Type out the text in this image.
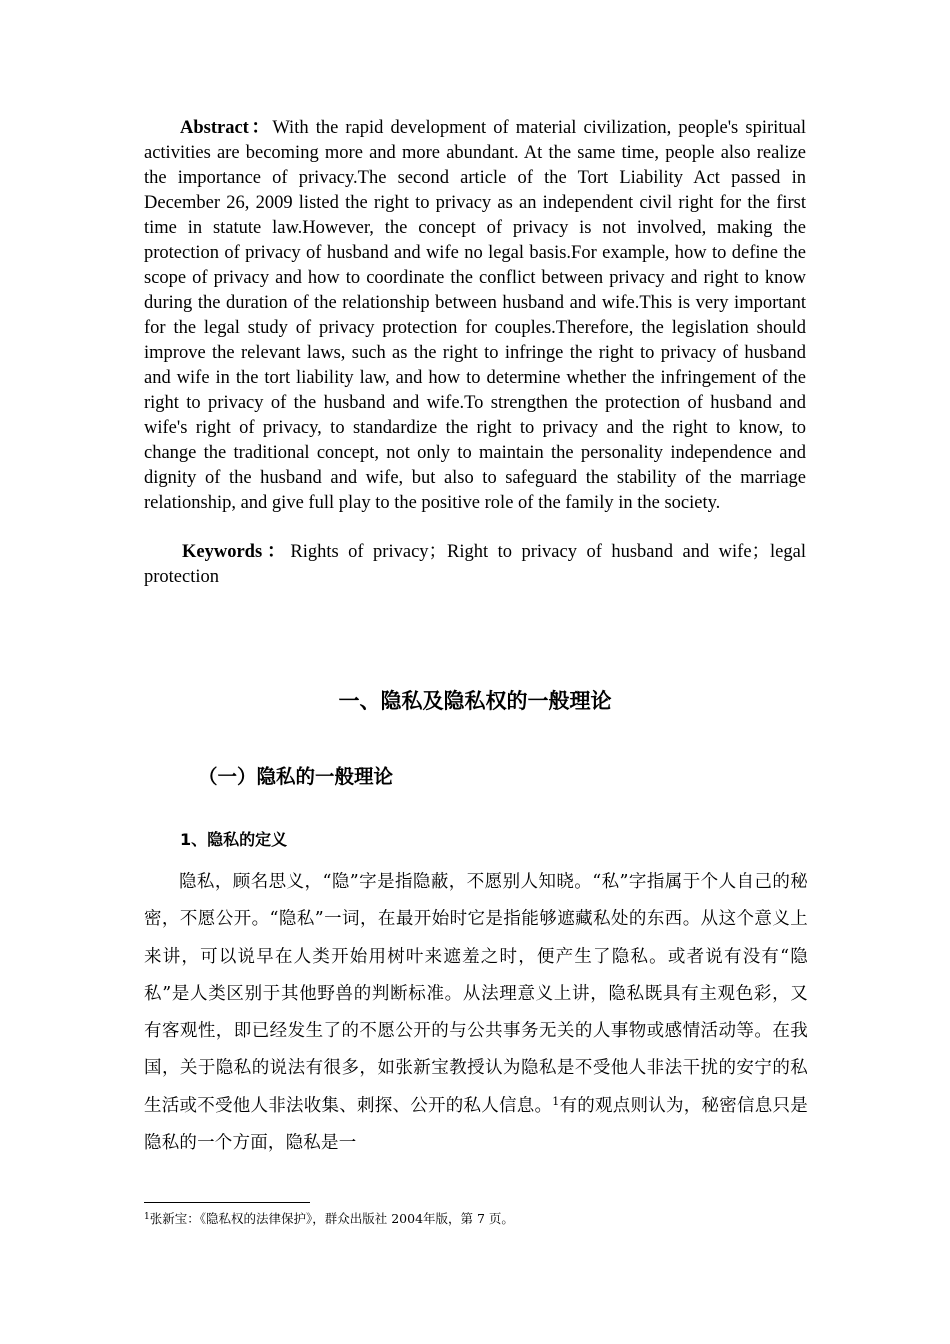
Abstract：With the rapid development of material civilization, people's spiritual activities are becoming more and more abundant. At the same time, people also realize the importance of privacy.The second article of the Tort Liability Act passed in December 26, 2009 listed the right to privacy as an independent civil right for the first time in statute law.However, the concept of privacy is not involved, making the protection of privacy of husband and wife no legal basis.For example, how to define the scope of privacy and how to coordinate the conflict between privacy and right to know during the duration of the relationship between husband and wife.This is very important for the legal study of privacy protection for couples.Therefore, the legislation should improve the relevant laws, such as the right to infringe the right to privacy of husband and wife in the tort liability law, and how to determine whether the infringement of the right to privacy of the husband and wife.To strengthen the protection of husband and wife's right of privacy, to standardize the right to privacy and the right to know, to change the traditional concept, not only to maintain the personality independence and dignity of the husband and wife, but also to safeguard the stability of the marriage relationship, and give full play to the positive role of the family in the society.

Keywords：Rights of privacy；Right to privacy of husband and wife；legal protection

一、隐私及隐私权的一般理论
（一）隐私的一般理论
1、隐私的定义

隐私，顾名思义，“隐”字是指隐蔽，不愿别人知晓。“私”字指属于个人自己的秘密，不愿公开。“隐私”一词，在最开始时它是指能够遮藏私处的东西。从这个意义上来讲，可以说早在人类开始用树叶来遮羞之时，便产生了隐私。或者说有没有“隐私”是人类区别于其他野兽的判断标准。从法理意义上讲，隐私既具有主观色彩，又有客观性，即已经发生了的不愿公开的与公共事务无关的人事物或感情活动等。在我国，关于隐私的说法有很多，如张新宝教授认为隐私是不受他人非法干扰的安宁的私生活或不受他人非法收集、刺探、公开的私人信息。$^1$有的观点则认为，秘密信息只是隐私的一个方面，隐私是一

$^1$张新宝：《隐私权的法律保护》，群众出版社 2004年版，第 7 页。
